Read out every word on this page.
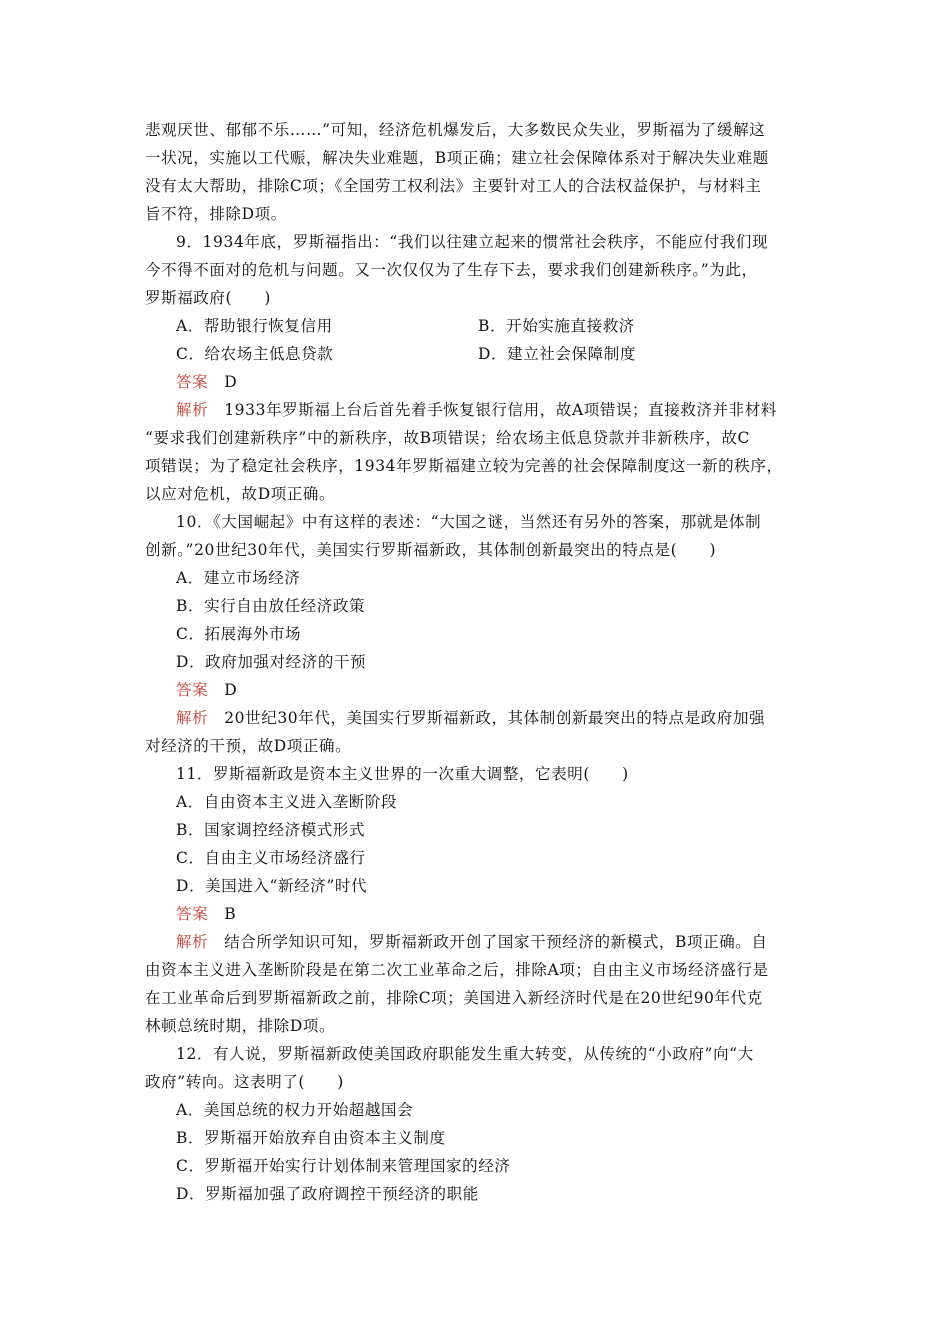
悲观厌世、郁郁不乐……”可知，经济危机爆发后，大多数民众失业，罗斯福为了缓解这
一状况，实施以工代赈，解决失业难题，B项正确；建立社会保障体系对于解决失业难题
没有太大帮助，排除C项；《全国劳工权利法》主要针对工人的合法权益保护，与材料主
旨不符，排除D项。
9．1934年底，罗斯福指出：“我们以往建立起来的惯常社会秩序，不能应付我们现
今不得不面对的危机与问题。又一次仅仅为了生存下去，要求我们创建新秩序。”为此，
罗斯福政府(　　)
A．帮助银行恢复信用	B．开始实施直接救济
C．给农场主低息贷款	D．建立社会保障制度
答案 D
解析 1933年罗斯福上台后首先着手恢复银行信用，故A项错误；直接救济并非材料
“要求我们创建新秩序”中的新秩序，故B项错误；给农场主低息贷款并非新秩序，故C
项错误；为了稳定社会秩序，1934年罗斯福建立较为完善的社会保障制度这一新的秩序，
以应对危机，故D项正确。
10．《大国崛起》中有这样的表述：“大国之谜，当然还有另外的答案，那就是体制
创新。”20世纪30年代，美国实行罗斯福新政，其体制创新最突出的特点是(　　)
A．建立市场经济
B．实行自由放任经济政策
C．拓展海外市场
D．政府加强对经济的干预
答案 D
解析 20世纪30年代，美国实行罗斯福新政，其体制创新最突出的特点是政府加强
对经济的干预，故D项正确。
11．罗斯福新政是资本主义世界的一次重大调整，它表明(　　)
A．自由资本主义进入垄断阶段
B．国家调控经济模式形式
C．自由主义市场经济盛行
D．美国进入“新经济”时代
答案 B
解析 结合所学知识可知，罗斯福新政开创了国家干预经济的新模式，B项正确。自
由资本主义进入垄断阶段是在第二次工业革命之后，排除A项；自由主义市场经济盛行是
在工业革命后到罗斯福新政之前，排除C项；美国进入新经济时代是在20世纪90年代克
林顿总统时期，排除D项。
12．有人说，罗斯福新政使美国政府职能发生重大转变，从传统的“小政府”向“大
政府”转向。这表明了(　　)
A．美国总统的权力开始超越国会
B．罗斯福开始放弃自由资本主义制度
C．罗斯福开始实行计划体制来管理国家的经济
D．罗斯福加强了政府调控干预经济的职能
